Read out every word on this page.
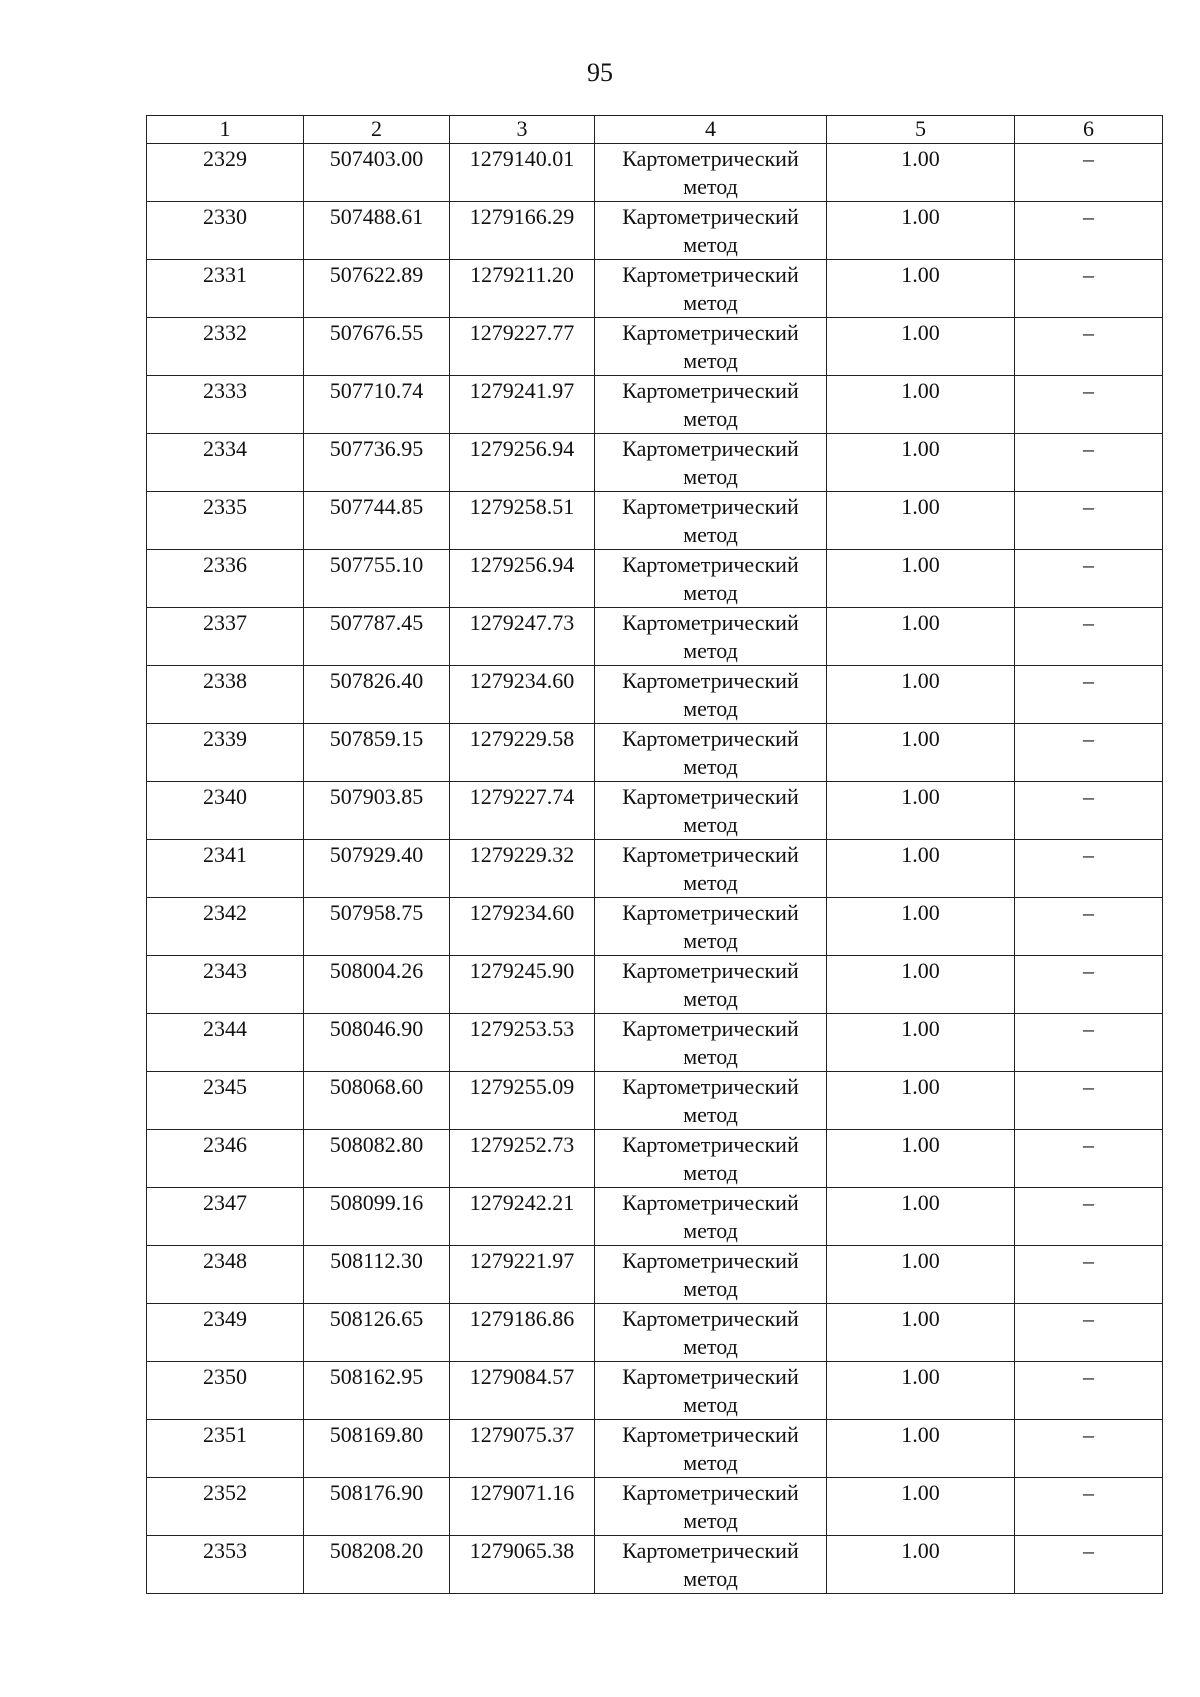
95
1	2	3	4	5	6
2329	507403.00	1279140.01	Картометрический метод	1.00	–
2330	507488.61	1279166.29	Картометрический метод	1.00	–
2331	507622.89	1279211.20	Картометрический метод	1.00	–
2332	507676.55	1279227.77	Картометрический метод	1.00	–
2333	507710.74	1279241.97	Картометрический метод	1.00	–
2334	507736.95	1279256.94	Картометрический метод	1.00	–
2335	507744.85	1279258.51	Картометрический метод	1.00	–
2336	507755.10	1279256.94	Картометрический метод	1.00	–
2337	507787.45	1279247.73	Картометрический метод	1.00	–
2338	507826.40	1279234.60	Картометрический метод	1.00	–
2339	507859.15	1279229.58	Картометрический метод	1.00	–
2340	507903.85	1279227.74	Картометрический метод	1.00	–
2341	507929.40	1279229.32	Картометрический метод	1.00	–
2342	507958.75	1279234.60	Картометрический метод	1.00	–
2343	508004.26	1279245.90	Картометрический метод	1.00	–
2344	508046.90	1279253.53	Картометрический метод	1.00	–
2345	508068.60	1279255.09	Картометрический метод	1.00	–
2346	508082.80	1279252.73	Картометрический метод	1.00	–
2347	508099.16	1279242.21	Картометрический метод	1.00	–
2348	508112.30	1279221.97	Картометрический метод	1.00	–
2349	508126.65	1279186.86	Картометрический метод	1.00	–
2350	508162.95	1279084.57	Картометрический метод	1.00	–
2351	508169.80	1279075.37	Картометрический метод	1.00	–
2352	508176.90	1279071.16	Картометрический метод	1.00	–
2353	508208.20	1279065.38	Картометрический метод	1.00	–
